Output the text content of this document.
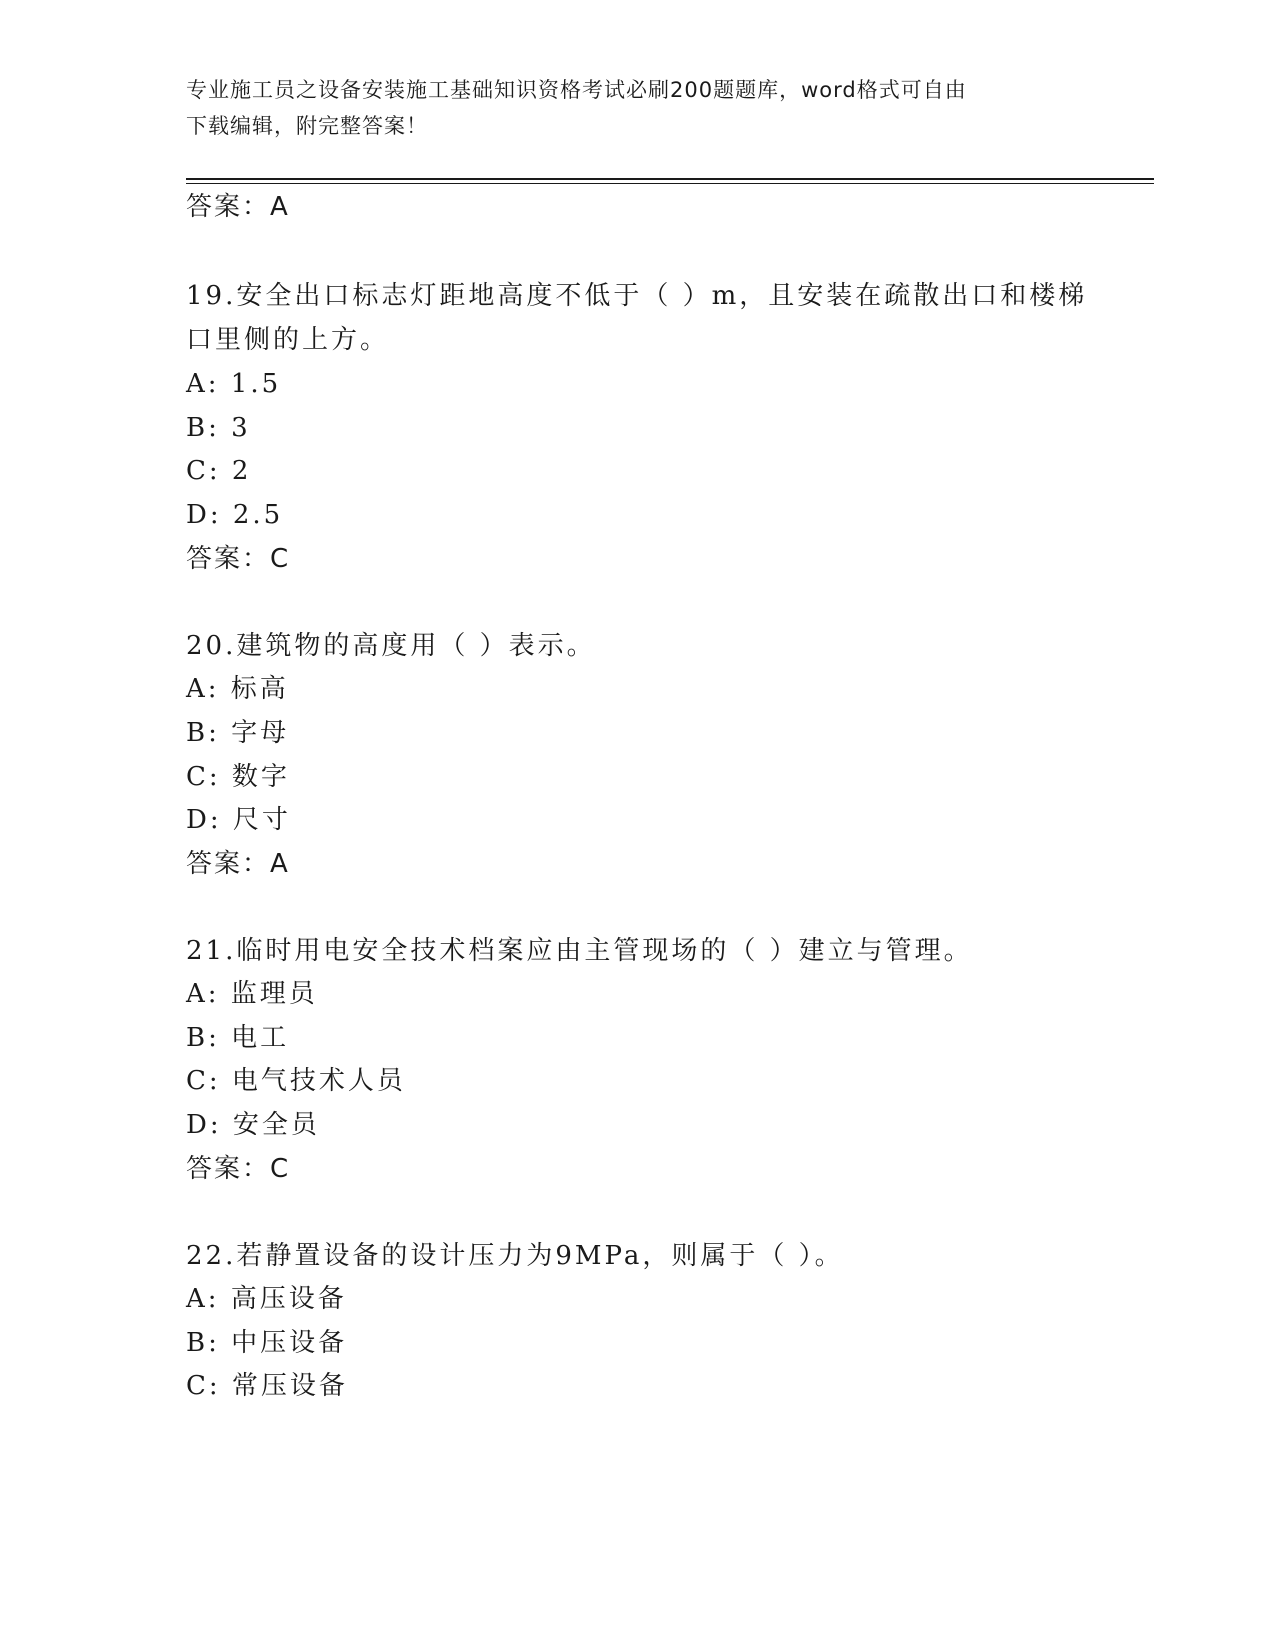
专业施工员之设备安装施工基础知识资格考试必刷200题题库，word格式可自由
下载编辑，附完整答案！
答案：A
19.安全出口标志灯距地高度不低于（ ）m，且安装在疏散出口和楼梯
口里侧的上方。
A: 1.5
B: 3
C: 2
D: 2.5
答案：C
20.建筑物的高度用（ ）表示。
A: 标高
B: 字母
C: 数字
D: 尺寸
答案：A
21.临时用电安全技术档案应由主管现场的（ ）建立与管理。
A: 监理员
B: 电工
C: 电气技术人员
D: 安全员
答案：C
22.若静置设备的设计压力为9MPa，则属于（ ）。
A: 高压设备
B: 中压设备
C: 常压设备
